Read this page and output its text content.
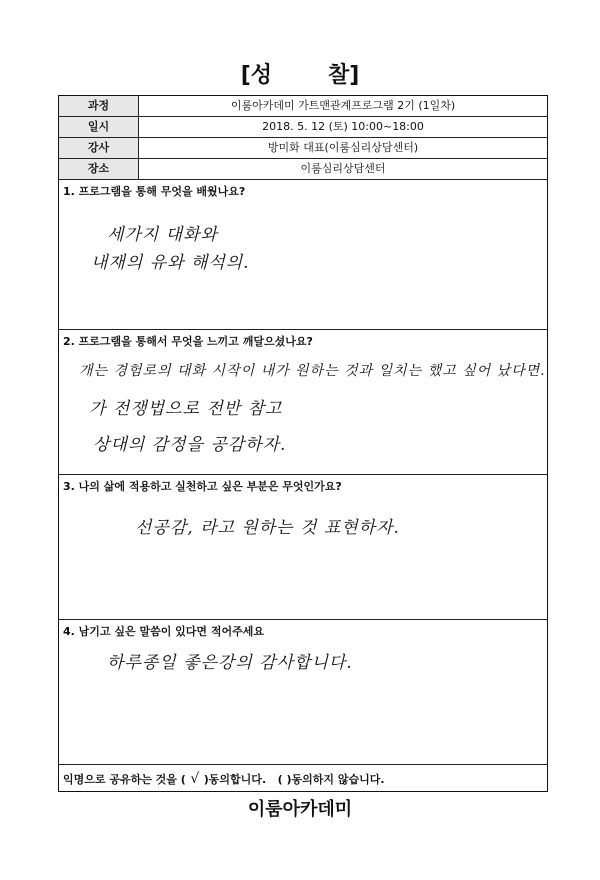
[성	찰]
과정	이룸아카데미 가트맨관계프로그램 2기 (1일차)
일시	2018. 5. 12 (토) 10:00~18:00
강사	방미화 대표(이룸심리상담센터)
장소	이룸심리상담센터
1. 프로그램을 통해 무엇을 배웠나요?
세가지 대화와
내재의 유와 해석의.
2. 프로그램을 통해서 무엇을 느끼고 깨달으셨나요?
개는 경험로의 대화 시작이 내가 원하는 것과 일치는 했고 싶어 났다면.
가 전쟁법으로 전반 참고
상대의 감정을 공감하자.
3. 나의 삶에 적용하고 실천하고 싶은 부분은 무엇인가요?
선공감, 라고 원하는 것 표현하자.
4. 남기고 싶은 말씀이 있다면 적어주세요
하루종일 좋은강의 감사합니다.
익명으로 공유하는 것을 ( √ )동의합니다. ( )동의하지 않습니다.
이룸아카데미
